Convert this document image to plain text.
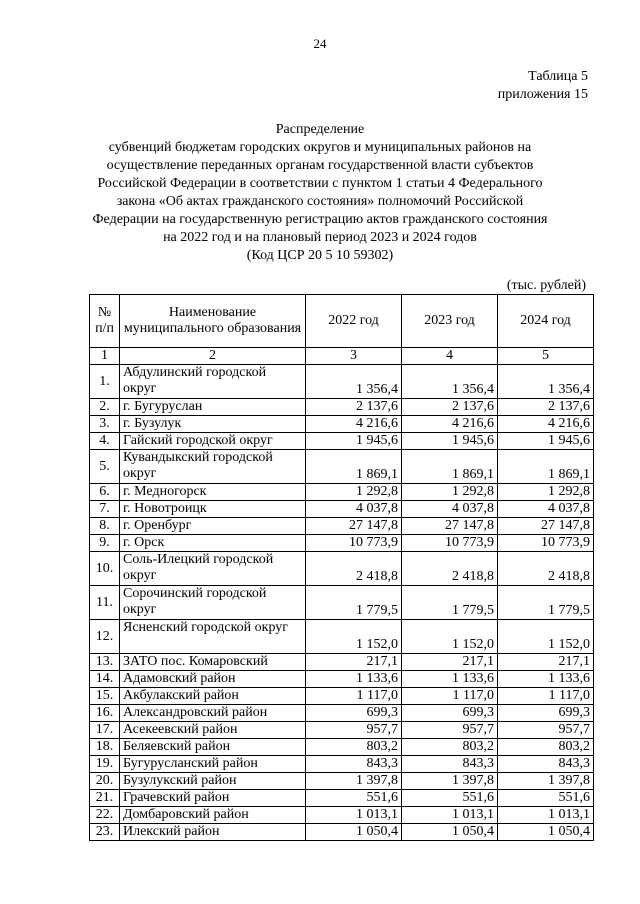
24
Таблица 5
приложения 15
Распределение
субвенций бюджетам городских округов и муниципальных районов на
осуществление переданных органам государственной власти субъектов
Российской Федерации в соответствии с пунктом 1 статьи 4 Федерального
закона «Об актах гражданского состояния» полномочий Российской
Федерации на государственную регистрацию актов гражданского состояния
на 2022 год и на плановый период 2023 и 2024 годов
(Код ЦСР 20 5 10 59302)
(тыс. рублей)
№ п/п	Наименование муниципального образования	2022 год	2023 год	2024 год
1	2	3	4	5
1.	Абдулинский городской округ	1 356,4	1 356,4	1 356,4
2.	г. Бугуруслан	2 137,6	2 137,6	2 137,6
3.	г. Бузулук	4 216,6	4 216,6	4 216,6
4.	Гайский городской округ	1 945,6	1 945,6	1 945,6
5.	Кувандыкский городской округ	1 869,1	1 869,1	1 869,1
6.	г. Медногорск	1 292,8	1 292,8	1 292,8
7.	г. Новотроицк	4 037,8	4 037,8	4 037,8
8.	г. Оренбург	27 147,8	27 147,8	27 147,8
9.	г. Орск	10 773,9	10 773,9	10 773,9
10.	Соль-Илецкий городской округ	2 418,8	2 418,8	2 418,8
11.	Сорочинский городской округ	1 779,5	1 779,5	1 779,5
12.	Ясненский городской округ	1 152,0	1 152,0	1 152,0
13.	ЗАТО пос. Комаровский	217,1	217,1	217,1
14.	Адамовский район	1 133,6	1 133,6	1 133,6
15.	Акбулакский район	1 117,0	1 117,0	1 117,0
16.	Александровский район	699,3	699,3	699,3
17.	Асекеевский район	957,7	957,7	957,7
18.	Беляевский район	803,2	803,2	803,2
19.	Бугурусланский район	843,3	843,3	843,3
20.	Бузулукский район	1 397,8	1 397,8	1 397,8
21.	Грачевский район	551,6	551,6	551,6
22.	Домбаровский район	1 013,1	1 013,1	1 013,1
23.	Илекский район	1 050,4	1 050,4	1 050,4
